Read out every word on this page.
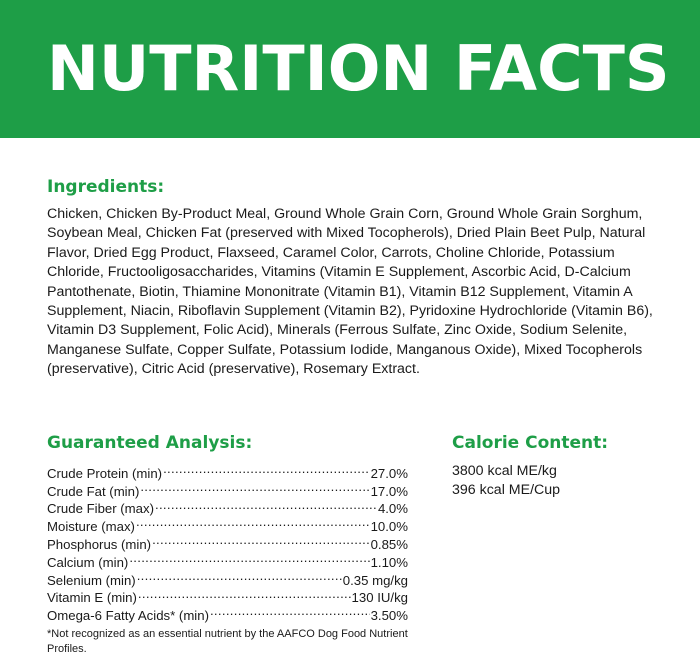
NUTRITION FACTS
Ingredients:

Chicken, Chicken By-Product Meal, Ground Whole Grain Corn, Ground Whole Grain Sorghum, Soybean Meal, Chicken Fat (preserved with Mixed Tocopherols), Dried Plain Beet Pulp, Natural Flavor, Dried Egg Product, Flaxseed, Caramel Color, Carrots, Choline Chloride, Potassium Chloride, Fructooligosaccharides, Vitamins (Vitamin E Supplement, Ascorbic Acid, D-Calcium Pantothenate, Biotin, Thiamine Mononitrate (Vitamin B1), Vitamin B12 Supplement, Vitamin A Supplement, Niacin, Riboflavin Supplement (Vitamin B2), Pyridoxine Hydrochloride (Vitamin B6), Vitamin D3 Supplement, Folic Acid), Minerals (Ferrous Sulfate, Zinc Oxide, Sodium Selenite, Manganese Sulfate, Copper Sulfate, Potassium Iodide, Manganous Oxide), Mixed Tocopherols (preservative), Citric Acid (preservative), Rosemary Extract.

Guaranteed Analysis:
Crude Protein (min) .....	27.0%
Crude Fat (min) .....	17.0%
Crude Fiber (max) .....	4.0%
Moisture (max) .....	10.0%
Phosphorus (min) .....	0.85%
Calcium (min) .....	1.10%
Selenium (min) .....	0.35 mg/kg
Vitamin E (min) .....	130 IU/kg
Omega-6 Fatty Acids* (min) .....	3.50%

*Not recognized as an essential nutrient by the AAFCO Dog Food Nutrient Profiles.

Calorie Content:
3800 kcal ME/kg
396 kcal ME/Cup
